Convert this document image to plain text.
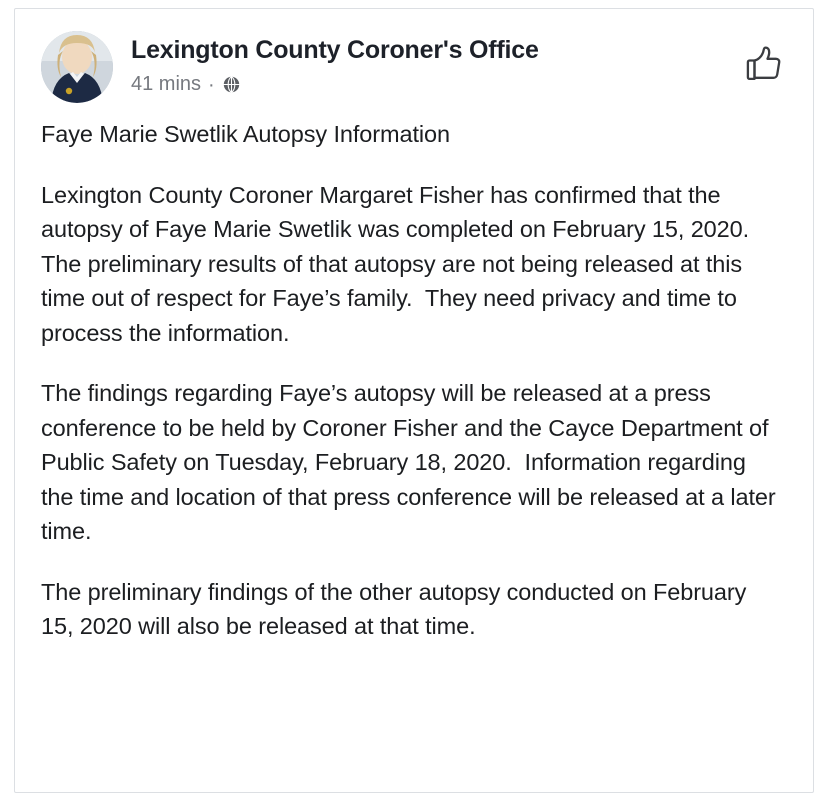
Lexington County Coroner's Office
41 mins ·

Faye Marie Swetlik Autopsy Information

Lexington County Coroner Margaret Fisher has confirmed that the autopsy of Faye Marie Swetlik was completed on February 15, 2020.  The preliminary results of that autopsy are not being released at this time out of respect for Faye’s family.  They need privacy and time to process the information.

The findings regarding Faye’s autopsy will be released at a press conference to be held by Coroner Fisher and the Cayce Department of Public Safety on Tuesday, February 18, 2020.  Information regarding the time and location of that press conference will be released at a later time.

The preliminary findings of the other autopsy conducted on February 15, 2020 will also be released at that time.
